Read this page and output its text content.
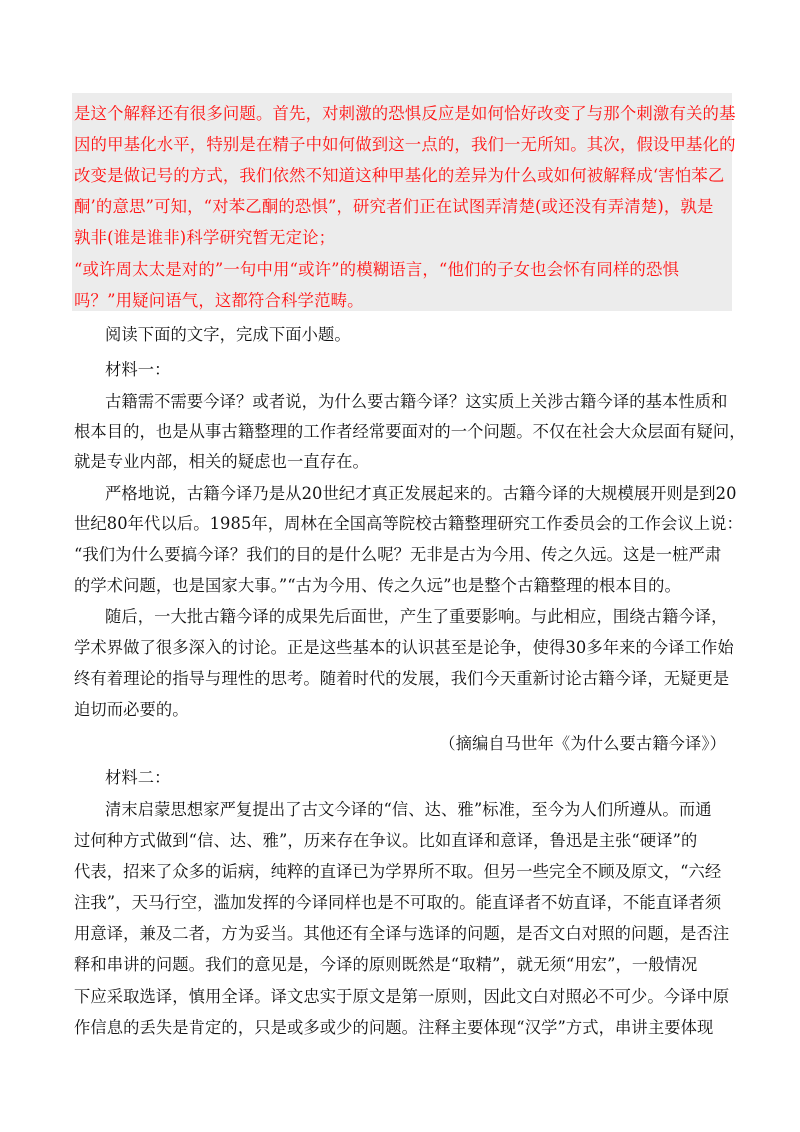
是这个解释还有很多问题。首先，对刺激的恐惧反应是如何恰好改变了与那个刺激有关的基
因的甲基化水平，特别是在精子中如何做到这一点的，我们一无所知。其次，假设甲基化的
改变是做记号的方式，我们依然不知道这种甲基化的差异为什么或如何被解释成‘害怕苯乙
酮’的意思”可知，“对苯乙酮的恐惧”，研究者们正在试图弄清楚(或还没有弄清楚)，孰是
孰非(谁是谁非)科学研究暂无定论；
“或许周太太是对的”一句中用“或许”的模糊语言，“他们的子女也会怀有同样的恐惧
吗？”用疑问语气，这都符合科学范畴。
阅读下面的文字，完成下面小题。
材料一：
古籍需不需要今译？或者说，为什么要古籍今译？这实质上关涉古籍今译的基本性质和
根本目的，也是从事古籍整理的工作者经常要面对的一个问题。不仅在社会大众层面有疑问，
就是专业内部，相关的疑虑也一直存在。
严格地说，古籍今译乃是从20世纪才真正发展起来的。古籍今译的大规模展开则是到20
世纪80年代以后。1985年，周林在全国高等院校古籍整理研究工作委员会的工作会议上说：
“我们为什么要搞今译？我们的目的是什么呢？无非是古为今用、传之久远。这是一桩严肃
的学术问题，也是国家大事。”“古为今用、传之久远”也是整个古籍整理的根本目的。
随后，一大批古籍今译的成果先后面世，产生了重要影响。与此相应，围绕古籍今译，
学术界做了很多深入的讨论。正是这些基本的认识甚至是论争，使得30多年来的今译工作始
终有着理论的指导与理性的思考。随着时代的发展，我们今天重新讨论古籍今译，无疑更是
迫切而必要的。
（摘编自马世年《为什么要古籍今译》）
材料二：
清末启蒙思想家严复提出了古文今译的“信、达、雅”标准，至今为人们所遵从。而通
过何种方式做到“信、达、雅”，历来存在争议。比如直译和意译，鲁迅是主张“硬译”的
代表，招来了众多的诟病，纯粹的直译已为学界所不取。但另一些完全不顾及原文，“六经
注我”，天马行空，滥加发挥的今译同样也是不可取的。能直译者不妨直译，不能直译者须
用意译，兼及二者，方为妥当。其他还有全译与选译的问题，是否文白对照的问题，是否注
释和串讲的问题。我们的意见是，今译的原则既然是“取精”，就无须“用宏”，一般情况
下应采取选译，慎用全译。译文忠实于原文是第一原则，因此文白对照必不可少。今译中原
作信息的丢失是肯定的，只是或多或少的问题。注释主要体现“汉学”方式，串讲主要体现
